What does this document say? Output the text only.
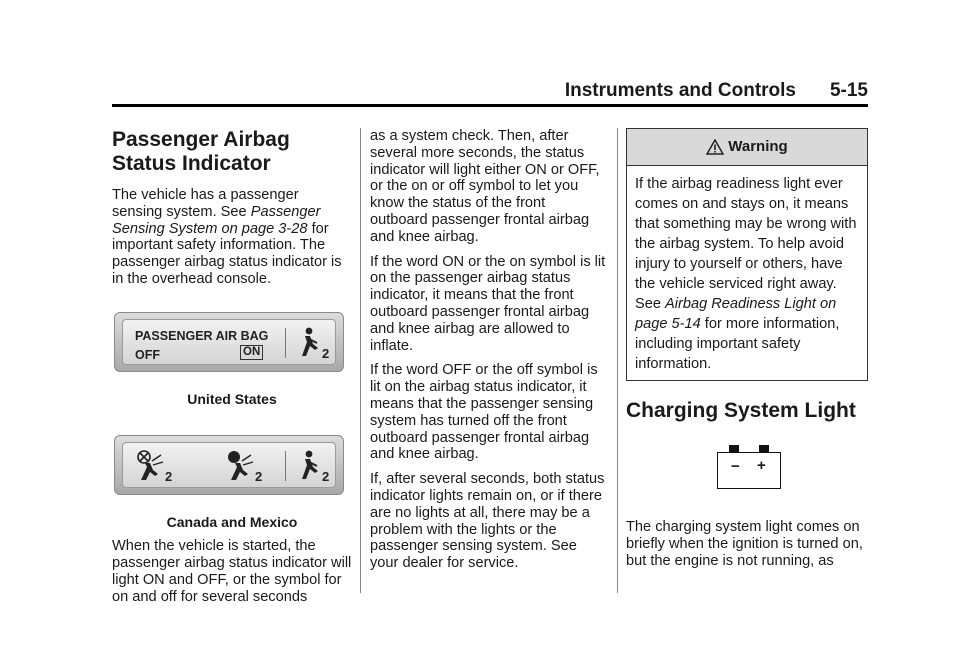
Instruments and Controls 5-15
Passenger Airbag Status Indicator

The vehicle has a passenger sensing system. See Passenger Sensing System on page 3-28 for important safety information. The passenger airbag status indicator is in the overhead console.

PASSENGER AIR BAG
OFF	ON	2

United States

2	2	2

Canada and Mexico

When the vehicle is started, the passenger airbag status indicator will light ON and OFF, or the symbol for on and off for several seconds

as a system check. Then, after several more seconds, the status indicator will light either ON or OFF, or the on or off symbol to let you know the status of the front outboard passenger frontal airbag and knee airbag.

If the word ON or the on symbol is lit on the passenger airbag status indicator, it means that the front outboard passenger frontal airbag and knee airbag are allowed to inflate.

If the word OFF or the off symbol is lit on the airbag status indicator, it means that the passenger sensing system has turned off the front outboard passenger frontal airbag and knee airbag.

If, after several seconds, both status indicator lights remain on, or if there are no lights at all, there may be a problem with the lights or the passenger sensing system. See your dealer for service.

Warning
If the airbag readiness light ever comes on and stays on, it means that something may be wrong with the airbag system. To help avoid injury to yourself or others, have the vehicle serviced right away. See Airbag Readiness Light on page 5-14 for more information, including important safety information.
Charging System Light
− +

The charging system light comes on briefly when the ignition is turned on, but the engine is not running, as
